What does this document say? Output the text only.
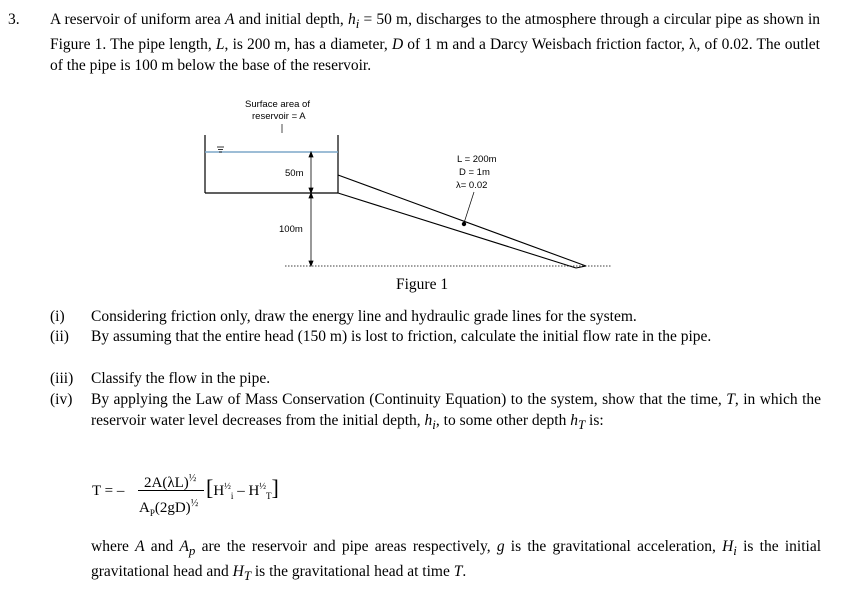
3. A reservoir of uniform area A and initial depth, $h_i = 50$ m, discharges to the atmosphere through a circular pipe as shown in Figure 1. The pipe length, L, is 200 m, has a diameter, D of 1 m and a Darcy Weisbach friction factor, λ, of 0.02. The outlet of the pipe is 100 m below the base of the reservoir.
Surface area of
reservoir = A
50m
100m
L = 200m
D = 1m
λ= 0.02
Figure 1
(i)	Considering friction only, draw the energy line and hydraulic grade lines for the system.
(ii)	By assuming that the entire head (150 m) is lost to friction, calculate the initial flow rate in the pipe.
(iii)	Classify the flow in the pipe.
(iv)	By applying the Law of Mass Conservation (Continuity Equation) to the system, show that the time, T, in which the reservoir water level decreases from the initial depth, $h_i$, to some other depth $h_T$ is:
T = – $2A(\lambda L)^{\frac{1}{2}}$
$A_P(2gD)^{\frac{1}{2}}$
$[H^{\frac{1}{2}}_i - H^{\frac{1}{2}}_T]$
where A and $A_p$ are the reservoir and pipe areas respectively, g is the gravitational acceleration, $H_i$ is the initial gravitational head and $H_T$ is the gravitational head at time T.
